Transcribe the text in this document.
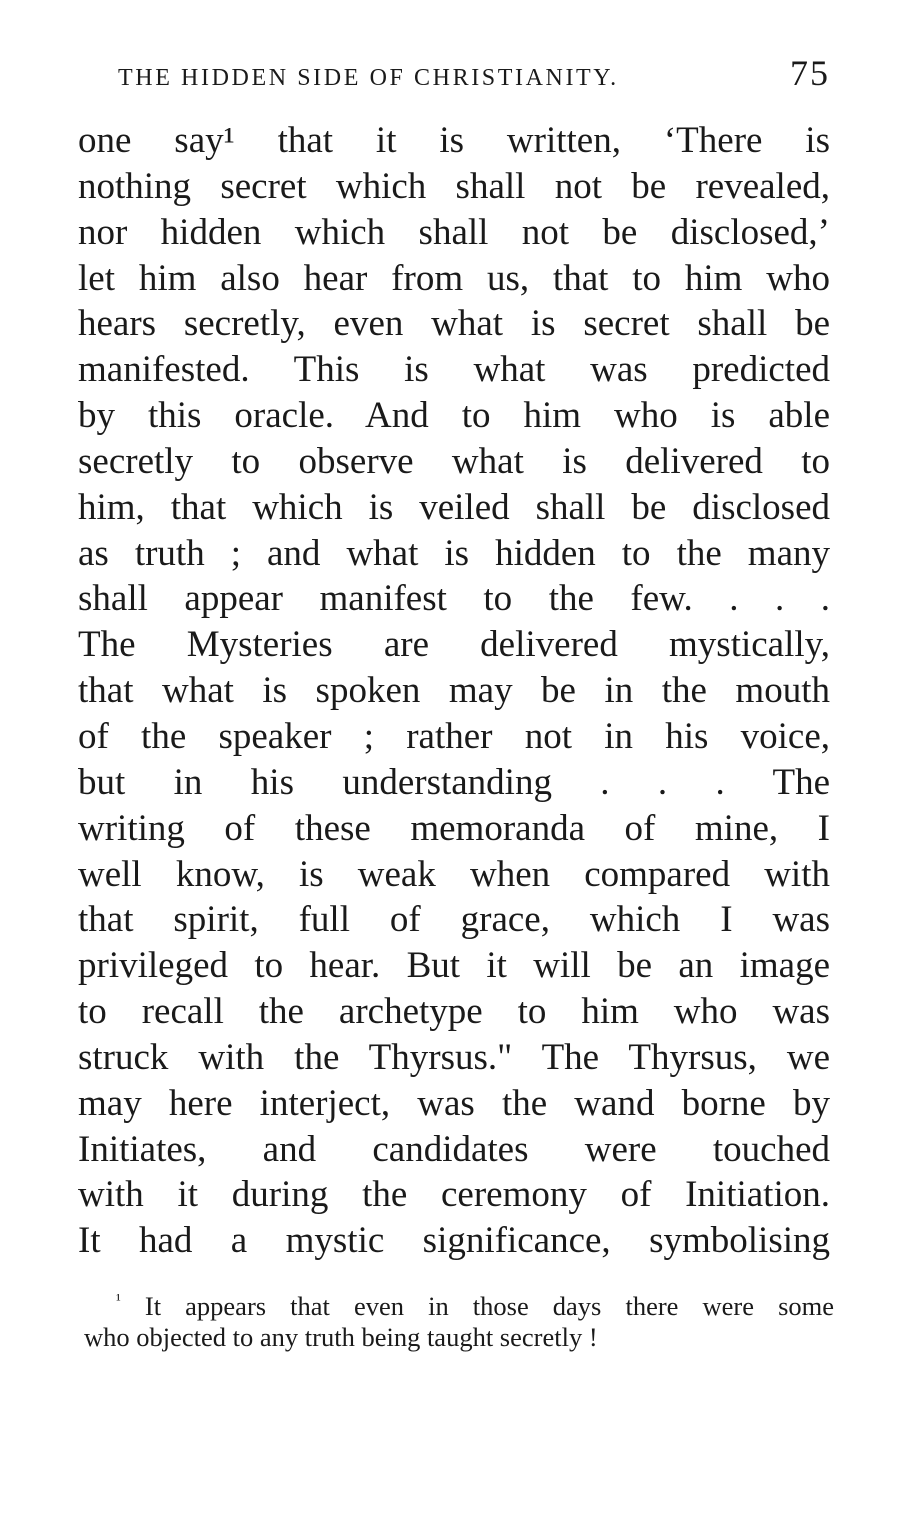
THE HIDDEN SIDE OF CHRISTIANITY.	75
one say¹ that it is written, ‘There is
nothing secret which shall not be revealed,
nor hidden which shall not be disclosed,’
let him also hear from us, that to him who
hears secretly, even what is secret shall be
manifested. This is what was predicted
by this oracle. And to him who is able
secretly to observe what is delivered to
him, that which is veiled shall be disclosed
as truth ; and what is hidden to the many
shall appear manifest to the few. . . .
The Mysteries are delivered mystically,
that what is spoken may be in the mouth
of the speaker ; rather not in his voice,
but in his understanding . . . The
writing of these memoranda of mine, I
well know, is weak when compared with
that spirit, full of grace, which I was
privileged to hear. But it will be an image
to recall the archetype to him who was
struck with the Thyrsus." The Thyrsus, we
may here interject, was the wand borne by
Initiates, and candidates were touched
with it during the ceremony of Initiation.
It had a mystic significance, symbolising
$^{^1}$ It appears that even in those days there were some
who objected to any truth being taught secretly !
